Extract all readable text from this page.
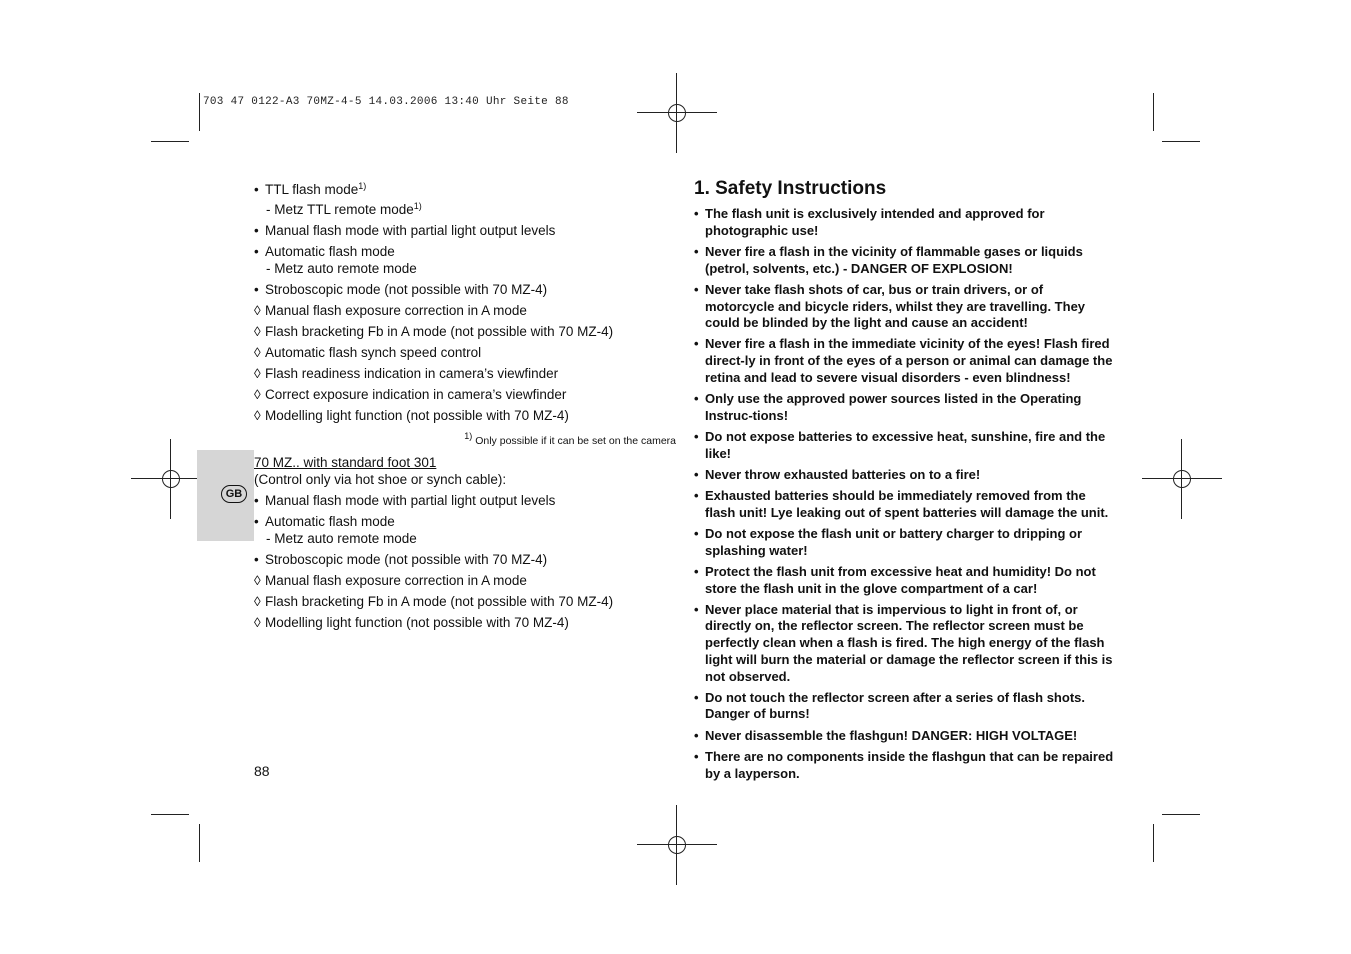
703 47 0122-A3 70MZ-4-5 14.03.2006 13:40 Uhr Seite 88
GB
• TTL flash mode$^{1)}$
- Metz TTL remote mode$^{1)}$
• Manual flash mode with partial light output levels
• Automatic flash mode
- Metz auto remote mode
• Stroboscopic mode (not possible with 70 MZ-4)
◊ Manual flash exposure correction in A mode
◊ Flash bracketing Fb in A mode (not possible with 70 MZ-4)
◊ Automatic flash synch speed control
◊ Flash readiness indication in camera’s viewfinder
◊ Correct exposure indication in camera’s viewfinder
◊ Modelling light function (not possible with 70 MZ-4)
1) Only possible if it can be set on the camera
70 MZ.. with standard foot 301
(Control only via hot shoe or synch cable):
• Manual flash mode with partial light output levels
• Automatic flash mode
- Metz auto remote mode
• Stroboscopic mode (not possible with 70 MZ-4)
◊ Manual flash exposure correction in A mode
◊ Flash bracketing Fb in A mode (not possible with 70 MZ-4)
◊ Modelling light function (not possible with 70 MZ-4)
88
1. Safety Instructions
• The flash unit is exclusively intended and approved for photographic use!
• Never fire a flash in the vicinity of flammable gases or liquids (petrol, solvents, etc.) - DANGER OF EXPLOSION!
• Never take flash shots of car, bus or train drivers, or of motorcycle and bicycle riders, whilst they are travelling. They could be blinded by the light and cause an accident!
• Never fire a flash in the immediate vicinity of the eyes! Flash fired direct-ly in front of the eyes of a person or animal can damage the retina and lead to severe visual disorders - even blindness!
• Only use the approved power sources listed in the Operating Instruc-tions!
• Do not expose batteries to excessive heat, sunshine, fire and the like!
• Never throw exhausted batteries on to a fire!
• Exhausted batteries should be immediately removed from the flash unit! Lye leaking out of spent batteries will damage the unit.
• Do not expose the flash unit or battery charger to dripping or splashing water!
• Protect the flash unit from excessive heat and humidity! Do not store the flash unit in the glove compartment of a car!
• Never place material that is impervious to light in front of, or directly on, the reflector screen. The reflector screen must be perfectly clean when a flash is fired. The high energy of the flash light will burn the material or damage the reflector screen if this is not observed.
• Do not touch the reflector screen after a series of flash shots. Danger of burns!
• Never disassemble the flashgun! DANGER: HIGH VOLTAGE!
• There are no components inside the flashgun that can be repaired by a layperson.
